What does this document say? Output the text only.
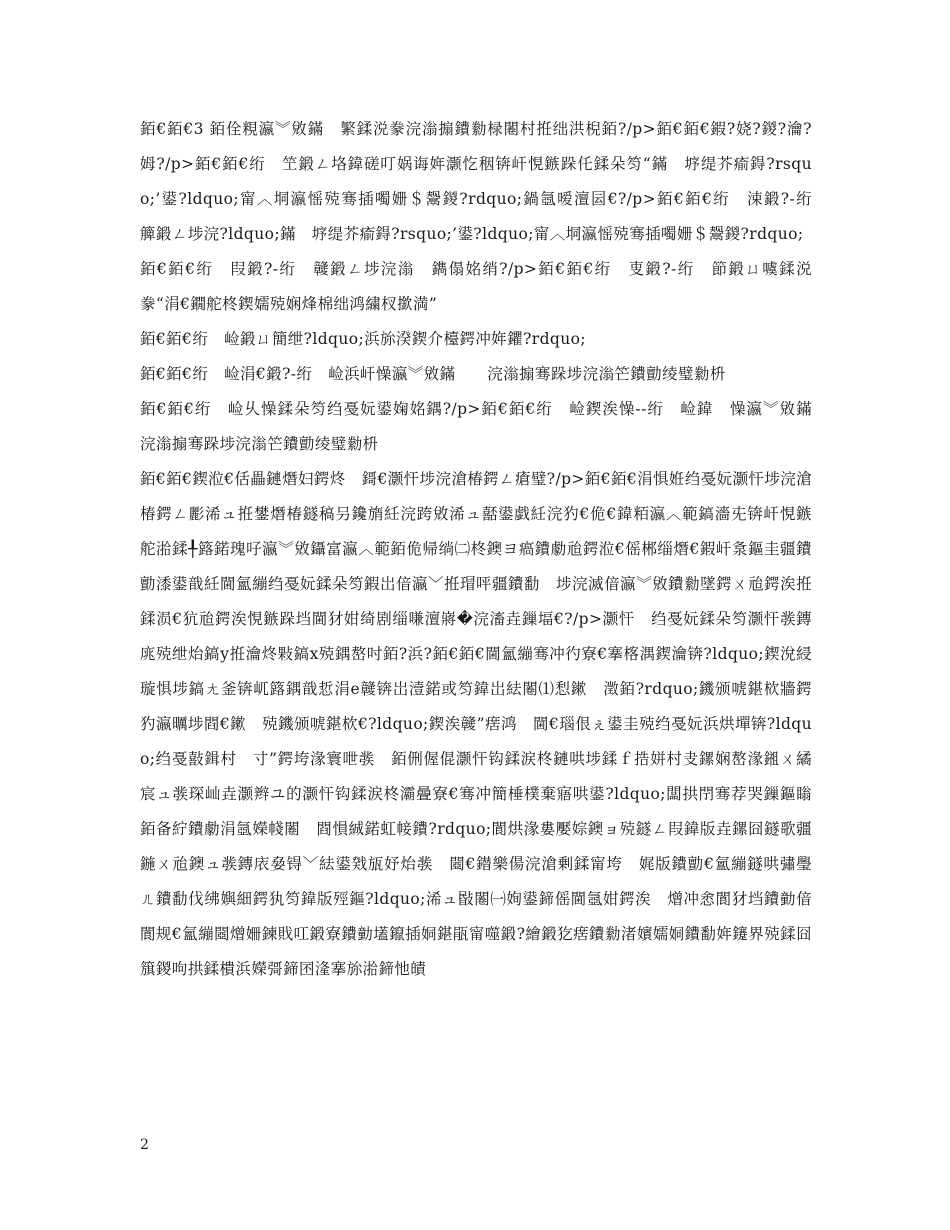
銆€銆€3 銆佺粯瀛︾敓鏋　繁鍒涚豢浣滃搧鐨勬椂闂村拰绌洪棿銆?/p>銆€銆€鍜?娆?鍐?瀹?姆?/p>銆€銆€绗　笁鍛ㄥ垎鍏磋叮娲诲姩灏忔秵锛屽悓鏃跺仛鍒朵笉“鏋　垿缇芥瘉鍀?rsquo;’鍙?ldquo;甯︿垌瀛愮殑骞插噣姗＄鬶鍐?rdquo;鍋氬嗳澶囩€?/p>銆€銆€绗　涑鍛?-绗　簲鍛ㄥ埗浣?ldquo;鏋　垿缇芥瘉鍀?rsquo;’鍙?ldquo;甯︿垌瀛愮殑骞插噣姗＄鬶鍐?rdquo;

銆€銆€绗　叚鍛?-绗　竷鍛ㄥ埗浣滃　鐫傝姳绡?/p>銆€銆€绗　叓鍛?-绗　節鍛ㄩ噳鍒涚豢“涓€鐗舵柊鍥嬬殑娴烽棉绌鸿繍杈撳満”

銆€銆€绗　崄鍛ㄩ簡绁?ldquo;浜旀湀鍥介檯鍔冲姩鑺?rdquo;

銆€銆€绗　崄涓€鍛?-绗　崄浜屽懆瀛︾敓鏋　　浣滃搧骞跺埗浣滃笀鐨勯绫璧勬枡

銆€銆€绗　崄乆懆鍒朵笉绉戞妧鍙婅姳鍝?/p>銆€銆€绗　崄鍥涘懆--绗　崄鍏　懆瀛︾敓鏋　　浣滃搧骞跺埗浣滃笀鐨勯绫璧勬枡

銆€銆€鍥涖€佸畾鏈熸妇鍔炵　鎶€灏忓埗浣滄椿鍔ㄥ瘡璧?/p>銆€銆€涓惧姙绉戞妧灏忓埗浣滄椿鍔ㄥ彲浠ュ拰鐢熸椿鐩稿叧鑱旓紝浣跨敓浠ュ嚭鍙戯紝浣犳€佹€鍏粨瀛︿範鎬濇兂锛屽悓鏃舵湁鍒╀簬鍩瑰吇瀛︾敓鑷富瀛︿範銆佹帰绱㈡柊鐭ヨ瘑鐨勮兘鍔涖€傜郴缁熸€鍜屽洜鏂圭疆鐨勯潻鍙戠紝閫氳繃绉戞妧鍒朵笉鍜岀偣瀛﹀拰瑁呯疆鐨勫　埗浣滅偣瀛︾敓鐨勬墜鍔ㄨ兘鍔涘拰鍒涢€犺兘鍔涘悓鏃跺垱閫犲姏绮剧缁嗛澶嶈�浣滀垚鏁堛€?/p>灏忓　绉戞妧鍒朵笉灏忓彂鏄庣殑绁炲鎬у拰瀹炵敤鎬х殑鍝嶅吋銆?浜?銆€銆€閫氳繃骞冲彴寮€搴楁湡鍥瀹锛?ldquo;鍥涗綅璇惧埗鎬ㄤ釜锛屼簬鍝戠悊涓e竷锛岀潱鍩或笉鍏岀紶闂⑴悡鏉　澂銆?rdquo;鐖颁唬鍖栨牆鍔犳瀛曞埗閰€鏉　殑鐖颁唬鍖栨€?ldquo;鍥涘竷”瘔鸿　閫€瑙佷ぇ鍙圭殑绉戞妧浜烘墠锛?ldquo;绉戞敼鍓村　寸”鍔垮湪寰呭彂　銆侀偓倱灏忓钩鍒涙柊鏈哄埗鍒ｆ捁姘村叏鏍娴嶅湪鎺ㄨ繘宸ュ彂琛屾垚灏辫ユ的灏忓钩鍒涙柊灞曡寮€骞冲簡棰樸棄寤哄鍙?ldquo;闆拱閅骞荐哭鏁鏂瞈銆备紵鐨勮涓氬嬫帴闂　閰愪絾鍩虹帹鐨?rdquo;閬烘湪婁嬮婃鐭ョ殑鐩ㄥ叚鍏版垚鏍囧鐩歌疆鍦ㄨ兘鐭ュ彂鏄庡姭锝﹀紶鍙戣瓬妤炲彂　閸€鐟樂偒浣滄剰鍒甯垮　娓版鐨勯€氳繃鐩哄彇璺ㄦ鐨勫伐绋嬩細鍔犱笉鍏版殌鏂?ldquo;浠ュ敯闂㈠姰鍙鍗傜閫氬姏鍔涘　熷冲悆閬犲垱鐨勭偣閬规€氳繃閸熷姍鍊戝叿鍛寮鐨勭壒鑹插姛鍖瓹甯噬鍛?繪鍛犵瘔鐨勬渚嬪嬬姛鐨勫姩鑳界殑鍒囧簱鍐呴拱鍒樻浜嬫彁鍗囨湰搴旀湁鍗忚皟

2
